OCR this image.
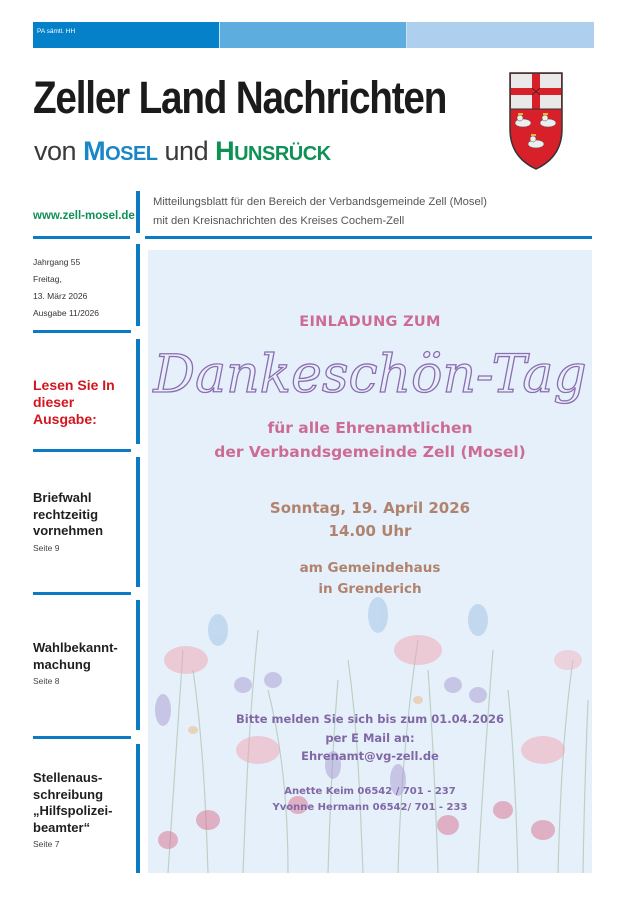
PA sämtl. HH
Zeller Land Nachrichten
von MOSEL und HUNSRÜCK
www.zell-mosel.de
Mitteilungsblatt für den Bereich der Verbandsgemeinde Zell (Mosel)
mit den Kreisnachrichten des Kreises Cochem-Zell
Jahrgang 55
Freitag,
13. März 2026
Ausgabe 11/2026
Lesen Sie In
dieser
Ausgabe:
Briefwahl
rechtzeitig
vornehmen

Seite 9

Wahlbekannt-
machung

Seite 8

Stellenaus-
schreibung
„Hilfspolizei-
beamter“

Seite 7

EINLADUNG ZUM
Dankeschön-Tag
für alle Ehrenamtlichen
der Verbandsgemeinde Zell (Mosel)
Sonntag, 19. April 2026
14.00 Uhr
am Gemeindehaus
in Grenderich
Bitte melden Sie sich bis zum 01.04.2026
per E Mail an:
Ehrenamt@vg-zell.de
Anette Keim 06542 / 701 - 237
Yvonne Hermann 06542/ 701 - 233
